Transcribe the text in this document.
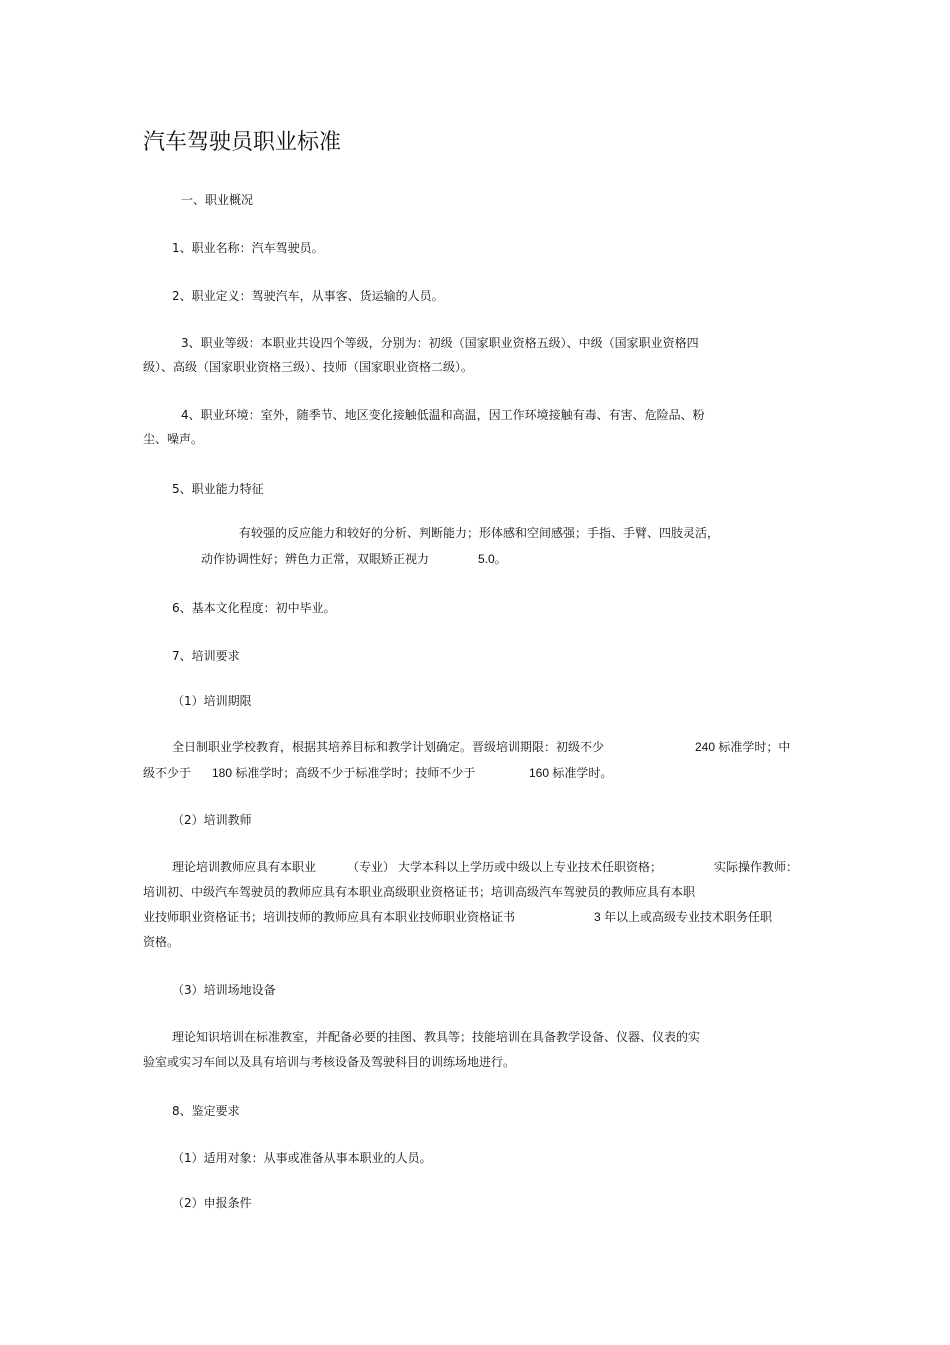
汽车驾驶员职业标准
一、职业概况
1、职业名称：汽车驾驶员。
2、职业定义：驾驶汽车，从事客、货运输的人员。
3、职业等级：本职业共设四个等级，分别为：初级（国家职业资格五级）、中级（国家职业资格四
级）、高级（国家职业资格三级）、技师（国家职业资格二级）。
4、职业环境：室外，随季节、地区变化接触低温和高温，因工作环境接触有毒、有害、危险品、粉
尘、噪声。
5、职业能力特征
有较强的反应能力和较好的分析、判断能力；形体感和空间感强；手指、手臂、四肢灵活，
动作协调性好；辨色力正常，双眼矫正视力	5.0。
6、基本文化程度：初中毕业。
7、培训要求
（1）培训期限
全日制职业学校教育，根据其培养目标和教学计划确定。晋级培训期限：初级不少	240 标准学时；中
级不少于 180 标准学时；高级不少于标准学时；技师不少于	160 标准学时。
（2）培训教师
理论培训教师应具有本职业	（专业） 大学本科以上学历或中级以上专业技术任职资格；	实际操作教师：
培训初、中级汽车驾驶员的教师应具有本职业高级职业资格证书；培训高级汽车驾驶员的教师应具有本职
业技师职业资格证书；培训技师的教师应具有本职业技师职业资格证书	3 年以上或高级专业技术职务任职
资格。
（3）培训场地设备
理论知识培训在标准教室，并配备必要的挂图、教具等；技能培训在具备教学设备、仪器、仪表的实
验室或实习车间以及具有培训与考核设备及驾驶科目的训练场地进行。
8、鉴定要求
（1）适用对象：从事或准备从事本职业的人员。
（2）申报条件
